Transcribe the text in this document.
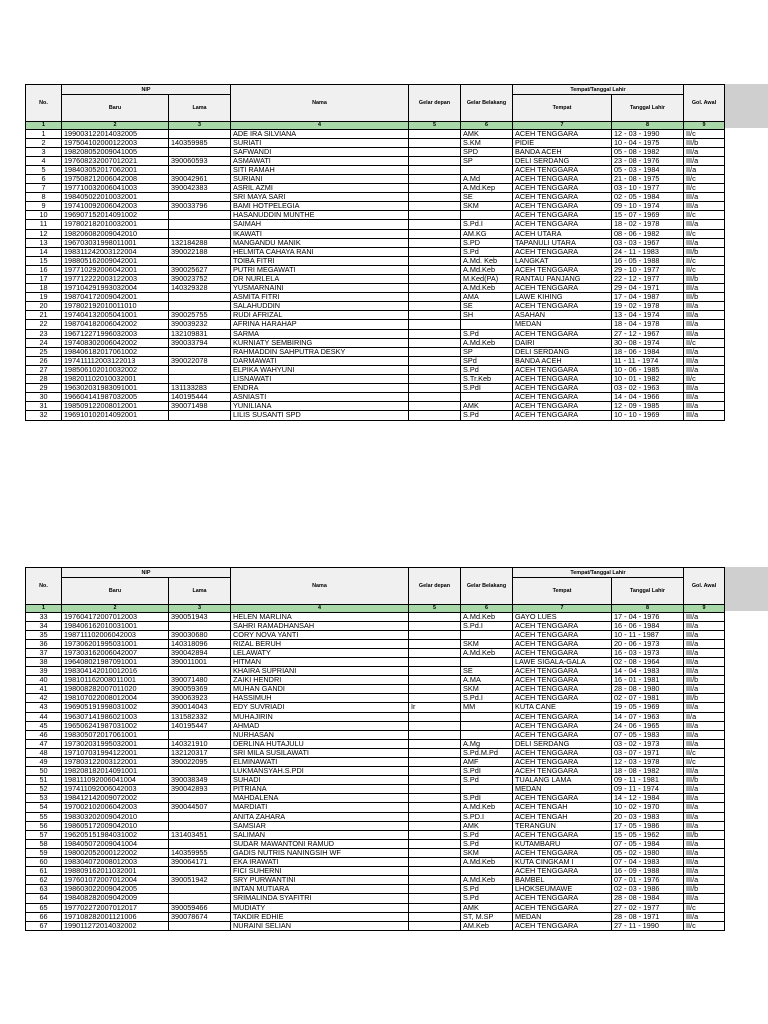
No.	NIP		Nama	Gelar depan	Gelar Belakang	Tempat/Tanggal Lahir		Gol. Awal
	Baru	Lama				Tempat	Tanggal Lahir	
1	2	3	4	5	6	7	8	9
1	199003122014032005		ADE IRA SILVIANA		AMK	ACEH TENGGARA	12 - 03 - 1990	II/c
2	197504102000122003	140359985	SURIATI		S.KM	PIDIE	10 - 04 - 1975	III/b
3	198208052009041005		SAFWANDI		SPD	BANDA ACEH	05 - 08 - 1982	III/a
4	197608232007012021	390060593	ASMAWATI		SP	DELI SERDANG	23 - 08 - 1976	III/a
5	198403052017062001		SITI RAMAH			ACEH TENGGARA	05 - 03 - 1984	II/a
6	197508212006042008	390042961	SURIANI		A.Md	ACEH TENGGARA	21 - 08 - 1975	II/c
7	197710032006041003	390042383	ASRIL AZMI		A.Md.Kep	ACEH TENGGARA	03 - 10 - 1977	II/c
8	198405022010032001		SRI MAYA SARI		SE	ACEH TENGGARA	02 - 05 - 1984	III/a
9	197410092006042003	390033796	BAMI HOTPELEGIA		SKM	ACEH TENGGARA	09 - 10 - 1974	III/a
10	196907152014091002		HASANUDDIN MUNTHE			ACEH TENGGARA	15 - 07 - 1969	II/c
11	197802182010032001		SAIMAH		S.Pd.I	ACEH TENGGARA	18 - 02 - 1978	III/a
12	198206082009042010		IKAWATI		AM.KG	ACEH UTARA	08 - 06 - 1982	II/c
13	196703031998011001	132184288	MANGANDU MANIK		S.PD	TAPANULI UTARA	03 - 03 - 1967	III/a
14	198311242003122004	390022188	HELMITA CAHAYA RANI		S.Pd	ACEH TENGGARA	24 - 11 - 1983	III/b
15	198805162009042001		TOIBA FITRI		A.Md. Keb	LANGKAT	16 - 05 - 1988	II/c
16	197710292006042001	390025627	PUTRI MEGAWATI		A.Md.Keb	ACEH TENGGARA	29 - 10 - 1977	II/c
17	197712222003122003	390023752	DR NURLELA		M.Ked(PA)	RANTAU PANJANG	22 - 12 - 1977	III/b
18	197104291993032004	140329328	YUSMARNAINI		A.Md.Keb	ACEH TENGGARA	29 - 04 - 1971	III/a
19	198704172009042001		ASMITA FITRI		AMA	LAWE KIHING	17 - 04 - 1987	III/b
20	197802192010011010		SALAHUDDIN		SE	ACEH TENGGARA	19 - 02 - 1978	III/a
21	197404132005041001	390025755	RUDI AFRIZAL		SH	ASAHAN	13 - 04 - 1974	III/a
22	198704182006042002	390039232	AFRINA HARAHAP			MEDAN	18 - 04 - 1978	III/a
23	196712271996032003	132109831	SARMA		S.Pd	ACEH TENGGARA	27 - 12 - 1967	III/a
24	197408302006042002	390033794	KURNIATY SEMBIRING		A.Md.Keb	DAIRI	30 - 08 - 1974	II/c
25	198406182017061002		RAHMADDIN SAHPUTRA DESKY		SP	DELI SERDANG	18 - 06 - 1984	III/a
26	197411112003122013	390022078	DARMAWATI		SPd	BANDA ACEH	11 - 11 - 1974	III/a
27	198506102010032002		ELPIKA WAHYUNI		S.Pd	ACEH TENGGARA	10 - 06 - 1985	III/a
28	198201102010032001		LISNAWATI		S.Tr.Keb	ACEH TENGGARA	10 - 01 - 1982	II/c
29	196302031983091001	131133283	ENDRA		S.PdI	ACEH TENGGARA	03 - 02 - 1963	III/a
30	196604141987032005	140195444	ASNIASTI			ACEH TENGGARA	14 - 04 - 1966	III/a
31	198509122008012001	390071498	YUNILIANA		AMK	ACEH TENGGARA	12 - 09 - 1985	III/a
32	196910102014092001		LILIS SUSANTI SPD		S.Pd	ACEH TENGGARA	10 - 10 - 1969	III/a
No.	NIP		Nama	Gelar depan	Gelar Belakang	Tempat/Tanggal Lahir		Gol. Awal
	Baru	Lama				Tempat	Tanggal Lahir	
1	2	3	4	5	6	7	8	9
33	197604172007012003	390051943	HELEN MARLINA		A.Md.Keb	GAYO LUES	17 - 04 - 1976	III/a
34	198406162010031001		SAHRI RAMADHANSAH		S.Pd.I	ACEH TENGGARA	16 - 06 - 1984	III/a
35	198711102006042003	390030680	CORY NOVA YANTI			ACEH TENGGARA	10 - 11 - 1987	III/a
36	197306201995031001	140318096	RIZAL BERUH		SKM	ACEH TENGGARA	20 - 06 - 1973	III/a
37	197303162006042007	390042894	LELAWATY		A.Md.Keb	ACEH TENGGARA	16 - 03 - 1973	III/a
38	196408021987091001	390011001	HITMAN			LAWE SIGALA-GALA	02 - 08 - 1964	III/a
39	198304142010012016		KHAIRA SUPRIANI		SE	ACEH TENGGARA	14 - 04 - 1983	III/a
40	198101162008011001	390071480	ZAIKI HENDRI		A.MA	ACEH TENGGARA	16 - 01 - 1981	III/b
41	198008282007011020	390059369	MUHAN GANDI		SKM	ACEH TENGGARA	28 - 08 - 1980	III/a
42	198107022008012004	390063923	HASSIMUH		S.Pd.I	ACEH TENGGARA	02 - 07 - 1981	III/b
43	196905191998031002	390014043	EDY SUVRIADI	Ir	MM	KUTA CANE	19 - 05 - 1969	III/a
44	196307141986021003	131582332	MUHAJIRIN			ACEH TENGGARA	14 - 07 - 1963	II/a
45	196506241987031002	140195447	AHMAD			ACEH TENGGARA	24 - 06 - 1965	III/a
46	198305072017061001		NURHASAN			ACEH TENGGARA	07 - 05 - 1983	III/a
47	197302031995032001	140321910	DERLINA HUTAJULU		A.Mg	DELI SERDANG	03 - 02 - 1973	III/a
48	197107031994122001	132120317	SRI MILA SUSILAWATI		S.Pd.M.Pd	ACEH TENGGARA	03 - 07 - 1971	II/c
49	197803122003122001	390022095	ELMINAWATI		AMF	ACEH TENGGARA	12 - 03 - 1978	II/c
50	198208182014091001		LUKMANSYAH.S.PDI		S.PdI	ACEH TENGGARA	18 - 08 - 1982	III/a
51	198111092006041004	390038349	SUHADI		S.Pd	TUALANG LAMA	09 - 11 - 1981	III/b
52	197411092006042003	390042893	PITRIANA			MEDAN	09 - 11 - 1974	III/a
53	198412142009072002		MAHDALENA		S.PdI	ACEH TENGGARA	14 - 12 - 1984	III/a
54	197002102006042003	390044507	MARDIATI		A.Md.Keb	ACEH TENGAH	10 - 02 - 1970	III/a
55	198303202009042010		ANITA ZAHARA		S.PD.I	ACEH TENGAH	20 - 03 - 1983	III/a
56	198605172009042010		SAMSIAR		AMK	TERANGUN	17 - 05 - 1986	III/a
57	196205151984031002	131403451	SALIMAN		S.Pd	ACEH TENGGARA	15 - 05 - 1962	III/b
58	198405072009041004		SUDAR MAWANTONI RAMUD		S.Pd	KUTAMBARU	07 - 05 - 1984	III/a
59	198002052000122002	140359955	GADIS NUTRIS NANINGSIH WF		SKM	ACEH TENGGARA	05 - 02 - 1980	III/a
60	198304072008012003	390064171	EKA IRAWATI		A.Md.Keb	KUTA CINGKAM I	07 - 04 - 1983	III/a
61	198809162011032001		FICI SUHERNI			ACEH TENGGARA	16 - 09 - 1988	III/a
62	197601072007012004	390051942	SRY PURWANTINI		A.Md.Keb	BAMBEL	07 - 01 - 1976	III/a
63	198603022009042005		INTAN MUTIARA		S.Pd	LHOKSEUMAWE	02 - 03 - 1986	III/b
64	198408282009042009		SRIMALINDA SYAFITRI		S.Pd	ACEH TENGGARA	28 - 08 - 1984	III/a
65	197702272007012017	390059466	MUDIATY		AMK	ACEH TENGGARA	27 - 02 - 1977	II/c
66	197108282001121006	390078674	TAKDIR EDHIE		ST, M.SP	MEDAN	28 - 08 - 1971	III/a
67	199011272014032002		NURAINI SELIAN		AM.Keb	ACEH TENGGARA	27 - 11 - 1990	II/c
